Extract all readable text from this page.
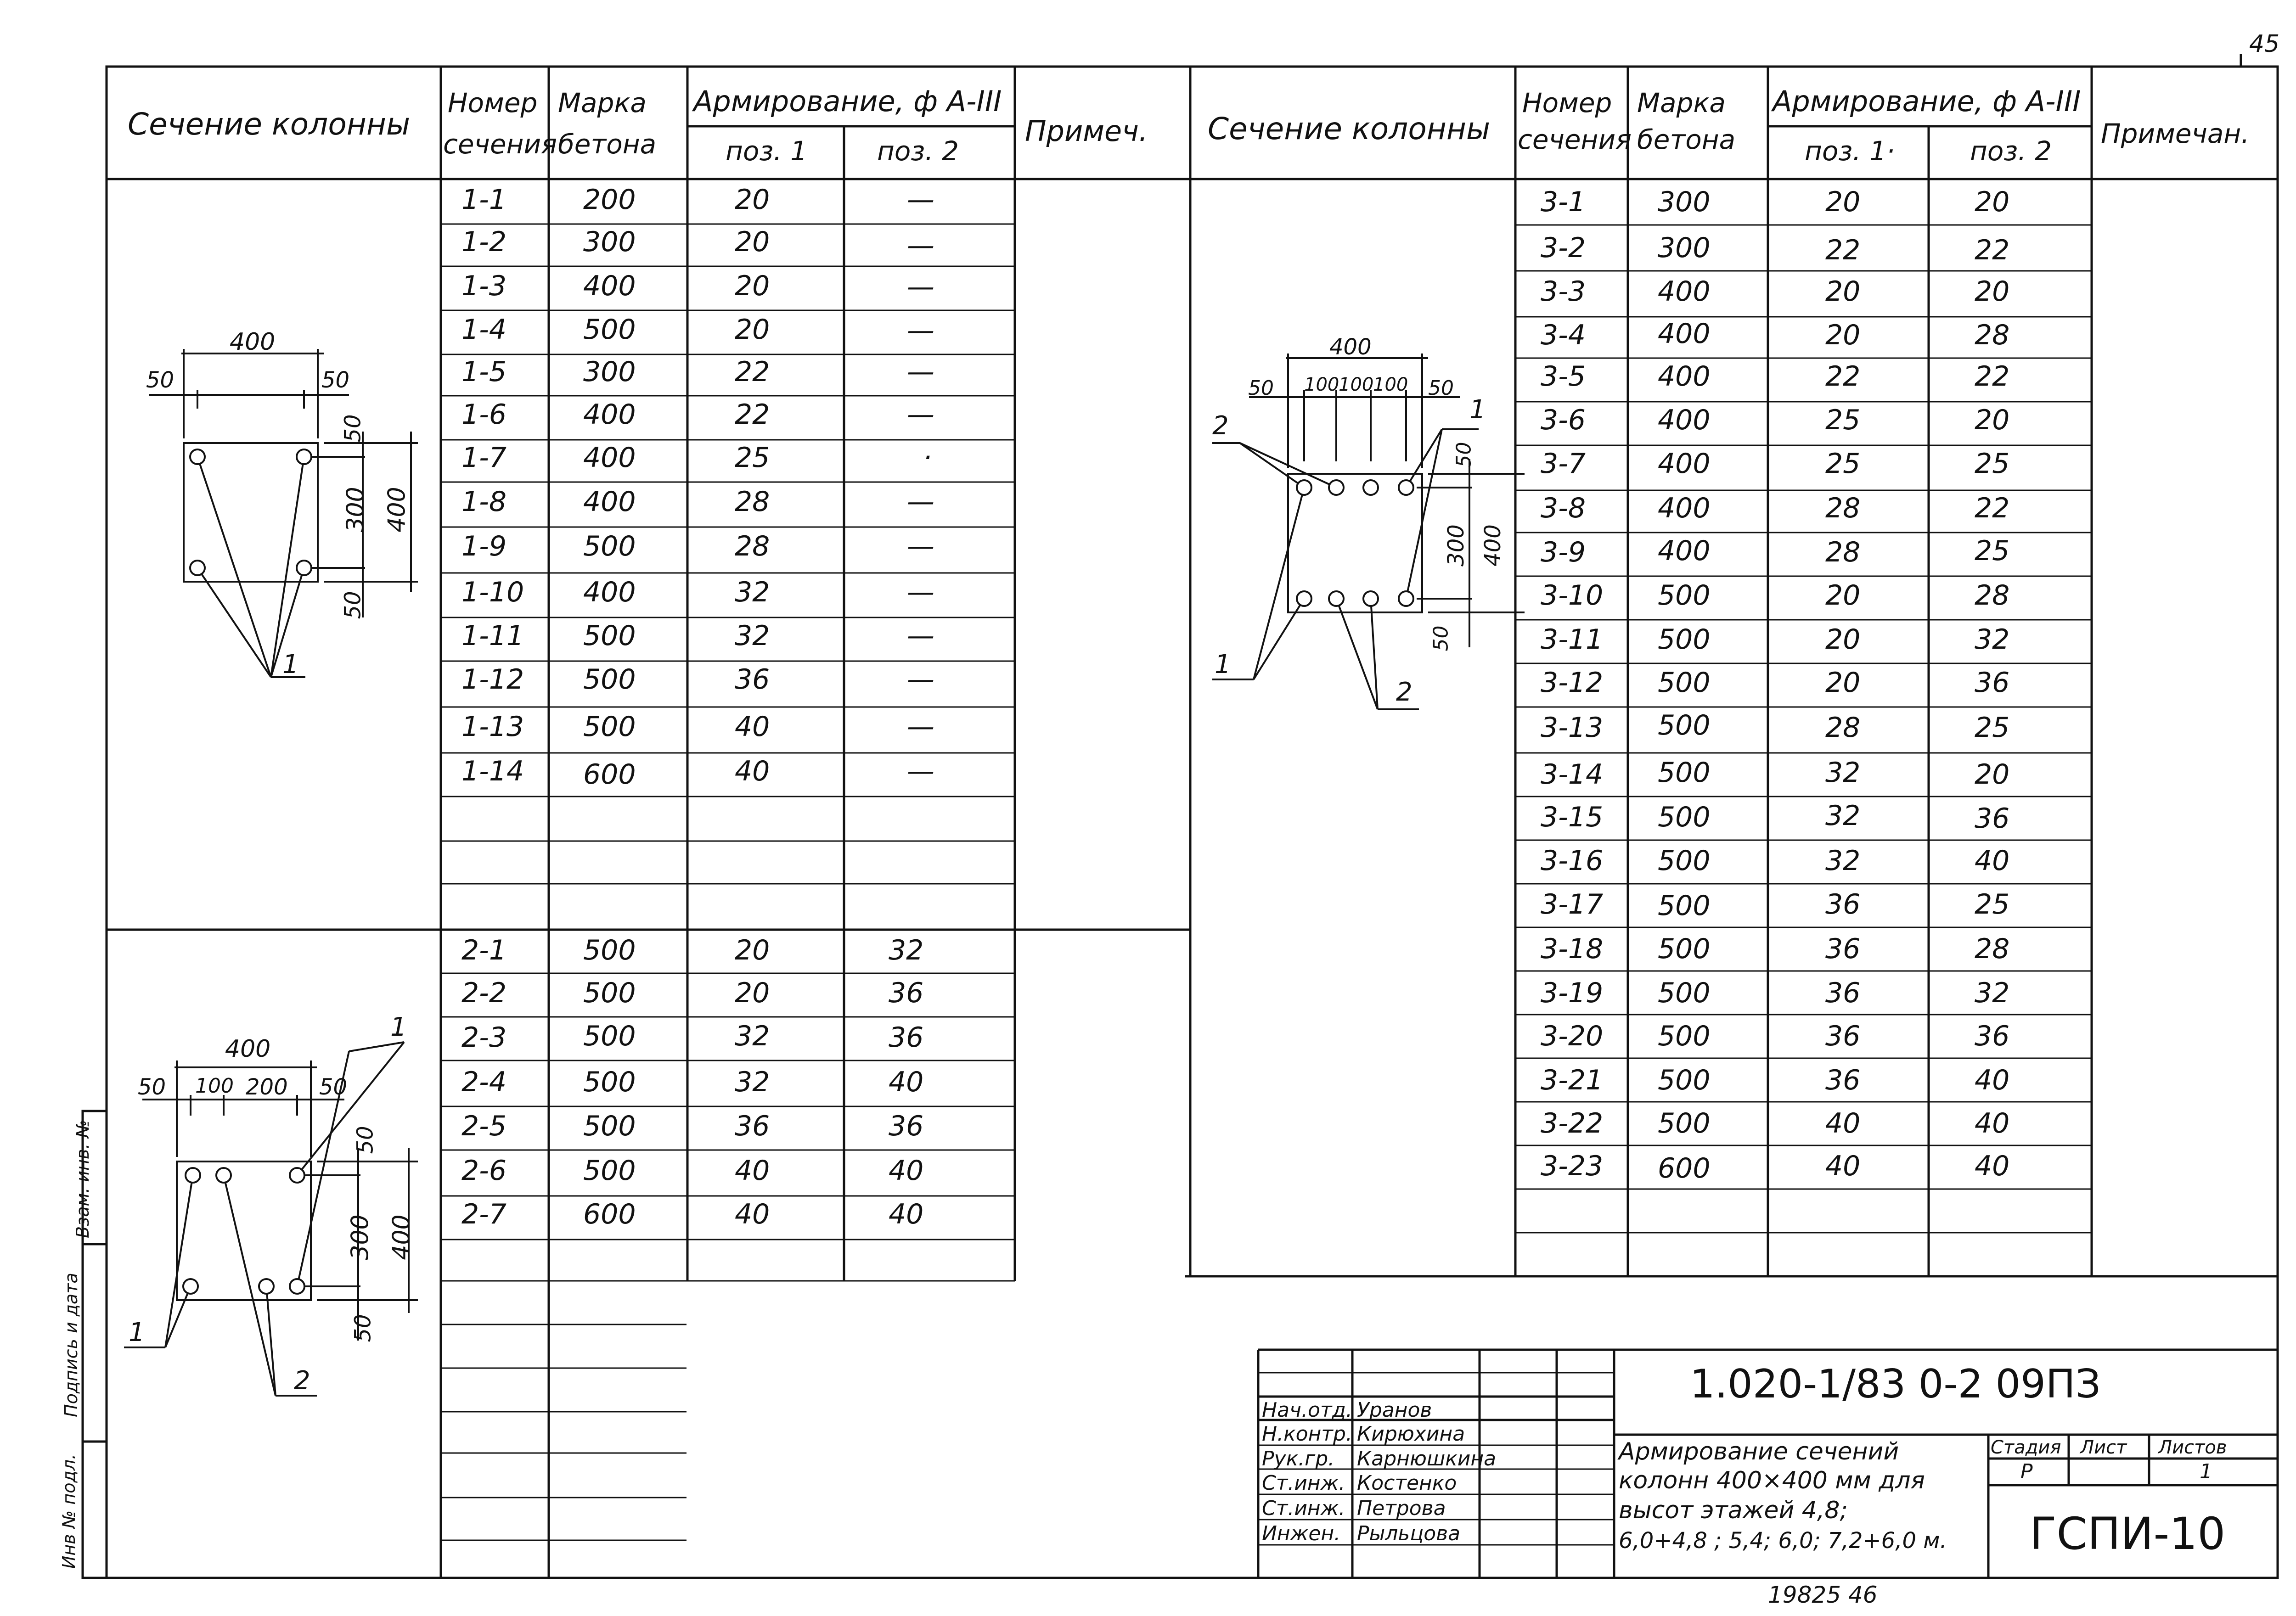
45
Сечение колонны
Номер
сечения
Марка
бетона
Армирование, ф А-III
поз. 1	поз. 2
Примеч. Сечение колонны
Номер
сечения
Марка
бетона
Армирование, ф А-III
поз. 1·	поз. 2
Примечан.
1-1	200	20	—
1-2	300	20	—
1-3	400	20	—
1-4	500	20	—
1-5	300	22	—
1-6	400	22	—
1-7	400	25	·
1-8	400	28	—
1-9	500	28	—
1-10 400	32	—
1-11 500	32	—
1-12 500	36	—
1-13 500	40	—
1-14 600	40	—
2-1	500	20	32
2-2	500	20	36
2-3	500	32	36
2-4	500	32	40
2-5	500	36	36
2-6	500	40	40
2-7	600	40	40
3-1	300	20	20
3-2	300	22	22
3-3	400	20	20
3-4	400	20	28
3-5	400	22	22
3-6	400	25	20
3-7	400	25	25
3-8	400	28	22
3-9	400	28	25
3-10 500	20	28
3-11 500	20	32
3-12 500	20	36
3-13 500	28	25
3-14 500	32	20
3-15 500	32	36
3-16 500	32	40
3-17 500	36	25
3-18 500	36	28
3-19 500	36	32
3-20 500	36	36
3-21 500	36	40
3-22 500	40	40
3-23 600	40	40
400
50	50
50
300
50
400
1
400
50 100 200 50
50
300
50
400
1
2
1
400
50 100
100
100 50
50
300
50
400
1
2
1
2
Инв № подл.
Подпись и дата
Взам. инв. №
1.020-1/83 0-2 09ПЗ
Нач.отд. Уранов
Н.контр. Кирюхина
Рук.гр. Карнюшкина
Ст.инж. Костенко
Ст.инж. Петрова
Инжен. Рыльцова
Армирование сечений
колонн 400×400 мм для
высот этажей 4,8;
6,0+4,8 ; 5,4; 6,0; 7,2+6,0 м.
Стадия Лист Листов
Р	1
ГСПИ-10
19825 46
